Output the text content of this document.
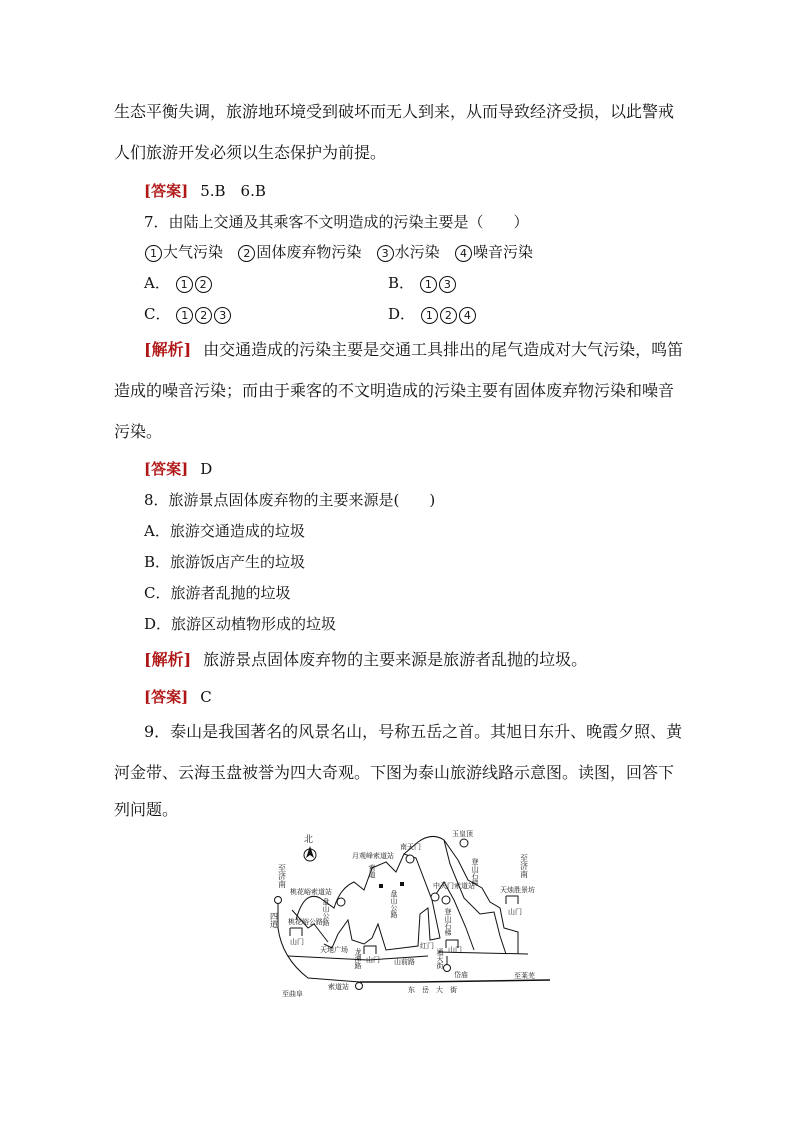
生态平衡失调，旅游地环境受到破坏而无人到来，从而导致经济受损，以此警戒
人们旅游开发必须以生态保护为前提。
[答案] 5.B　6.B
7．由陆上交通及其乘客不文明造成的污染主要是（　　）
1 大气污染 2 固体废弃物污染 3 水污染 4 噪音污染
A． 1 2	B． 1 3
C． 1 2 3	D． 1 2 4
[解析] 由交通造成的污染主要是交通工具排出的尾气造成对大气污染，鸣笛
造成的噪音污染；而由于乘客的不文明造成的污染主要有固体废弃物污染和噪音
污染。
[答案] D
8．旅游景点固体废弃物的主要来源是(　　)
A．旅游交通造成的垃圾
B．旅游饭店产生的垃圾
C．旅游者乱抛的垃圾
D．旅游区动植物形成的垃圾
[解析] 旅游景点固体废弃物的主要来源是旅游者乱抛的垃圾。
[答案] C
9．泰山是我国著名的风景名山，号称五岳之首。其旭日东升、晚霞夕照、黄
河金带、云海玉盘被誉为四大奇观。下图为泰山旅游线路示意图。读图，回答下
列问题。
北
玉皇顶
南天门
月观峰索道站
至济南	至济南
桃花峪索道站
盘山公路
索道
盘山公路
中天门索道站
登山石梯
登山石梯
天烛胜景坊
山门
四道 桃花峪公路
山门
天地广场 龙潭路 山门 山前路
红门 山门
通天街
岱庙
至曲阜
索道站	东　岳　大　街
至莱芜
